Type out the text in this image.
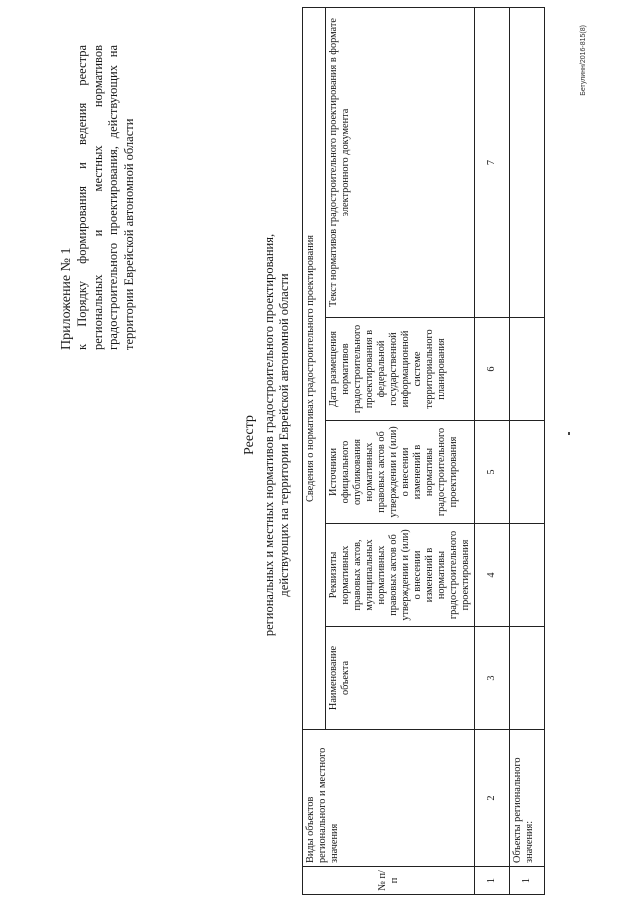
Приложение № 1 к Порядку формирования и ведения реестра региональных и местных нормативов градостроительного проектирования, действующих на территории Еврейской автономной области
Реестр региональных и местных нормативов градостроительного проектирования, действующих на территории Еврейской автономной области
№ п/п	Виды объектов регионального и местного значения	Сведения о нормативах градостроительного проектирования				
		Наименование объекта	Реквизиты нормативных правовых актов, муниципальных нормативных правовых актов об утверждении и (или) о внесении изменений в нормативы градостроительного проектирования	Источники официального опубликования нормативных правовых актов об утверждении и (или) о внесении изменений в нормативы градостроительного проектирования	Дата размещения нормативов градостроительного проектирования в федеральной государственной информационной системе территориального планирования	Текст нормативов градостроительного проектирования в формате электронного документа
1	2	3	4	5	6	7
1	Объекты регионального значения:					
Бетулинн/2016-815(8)
